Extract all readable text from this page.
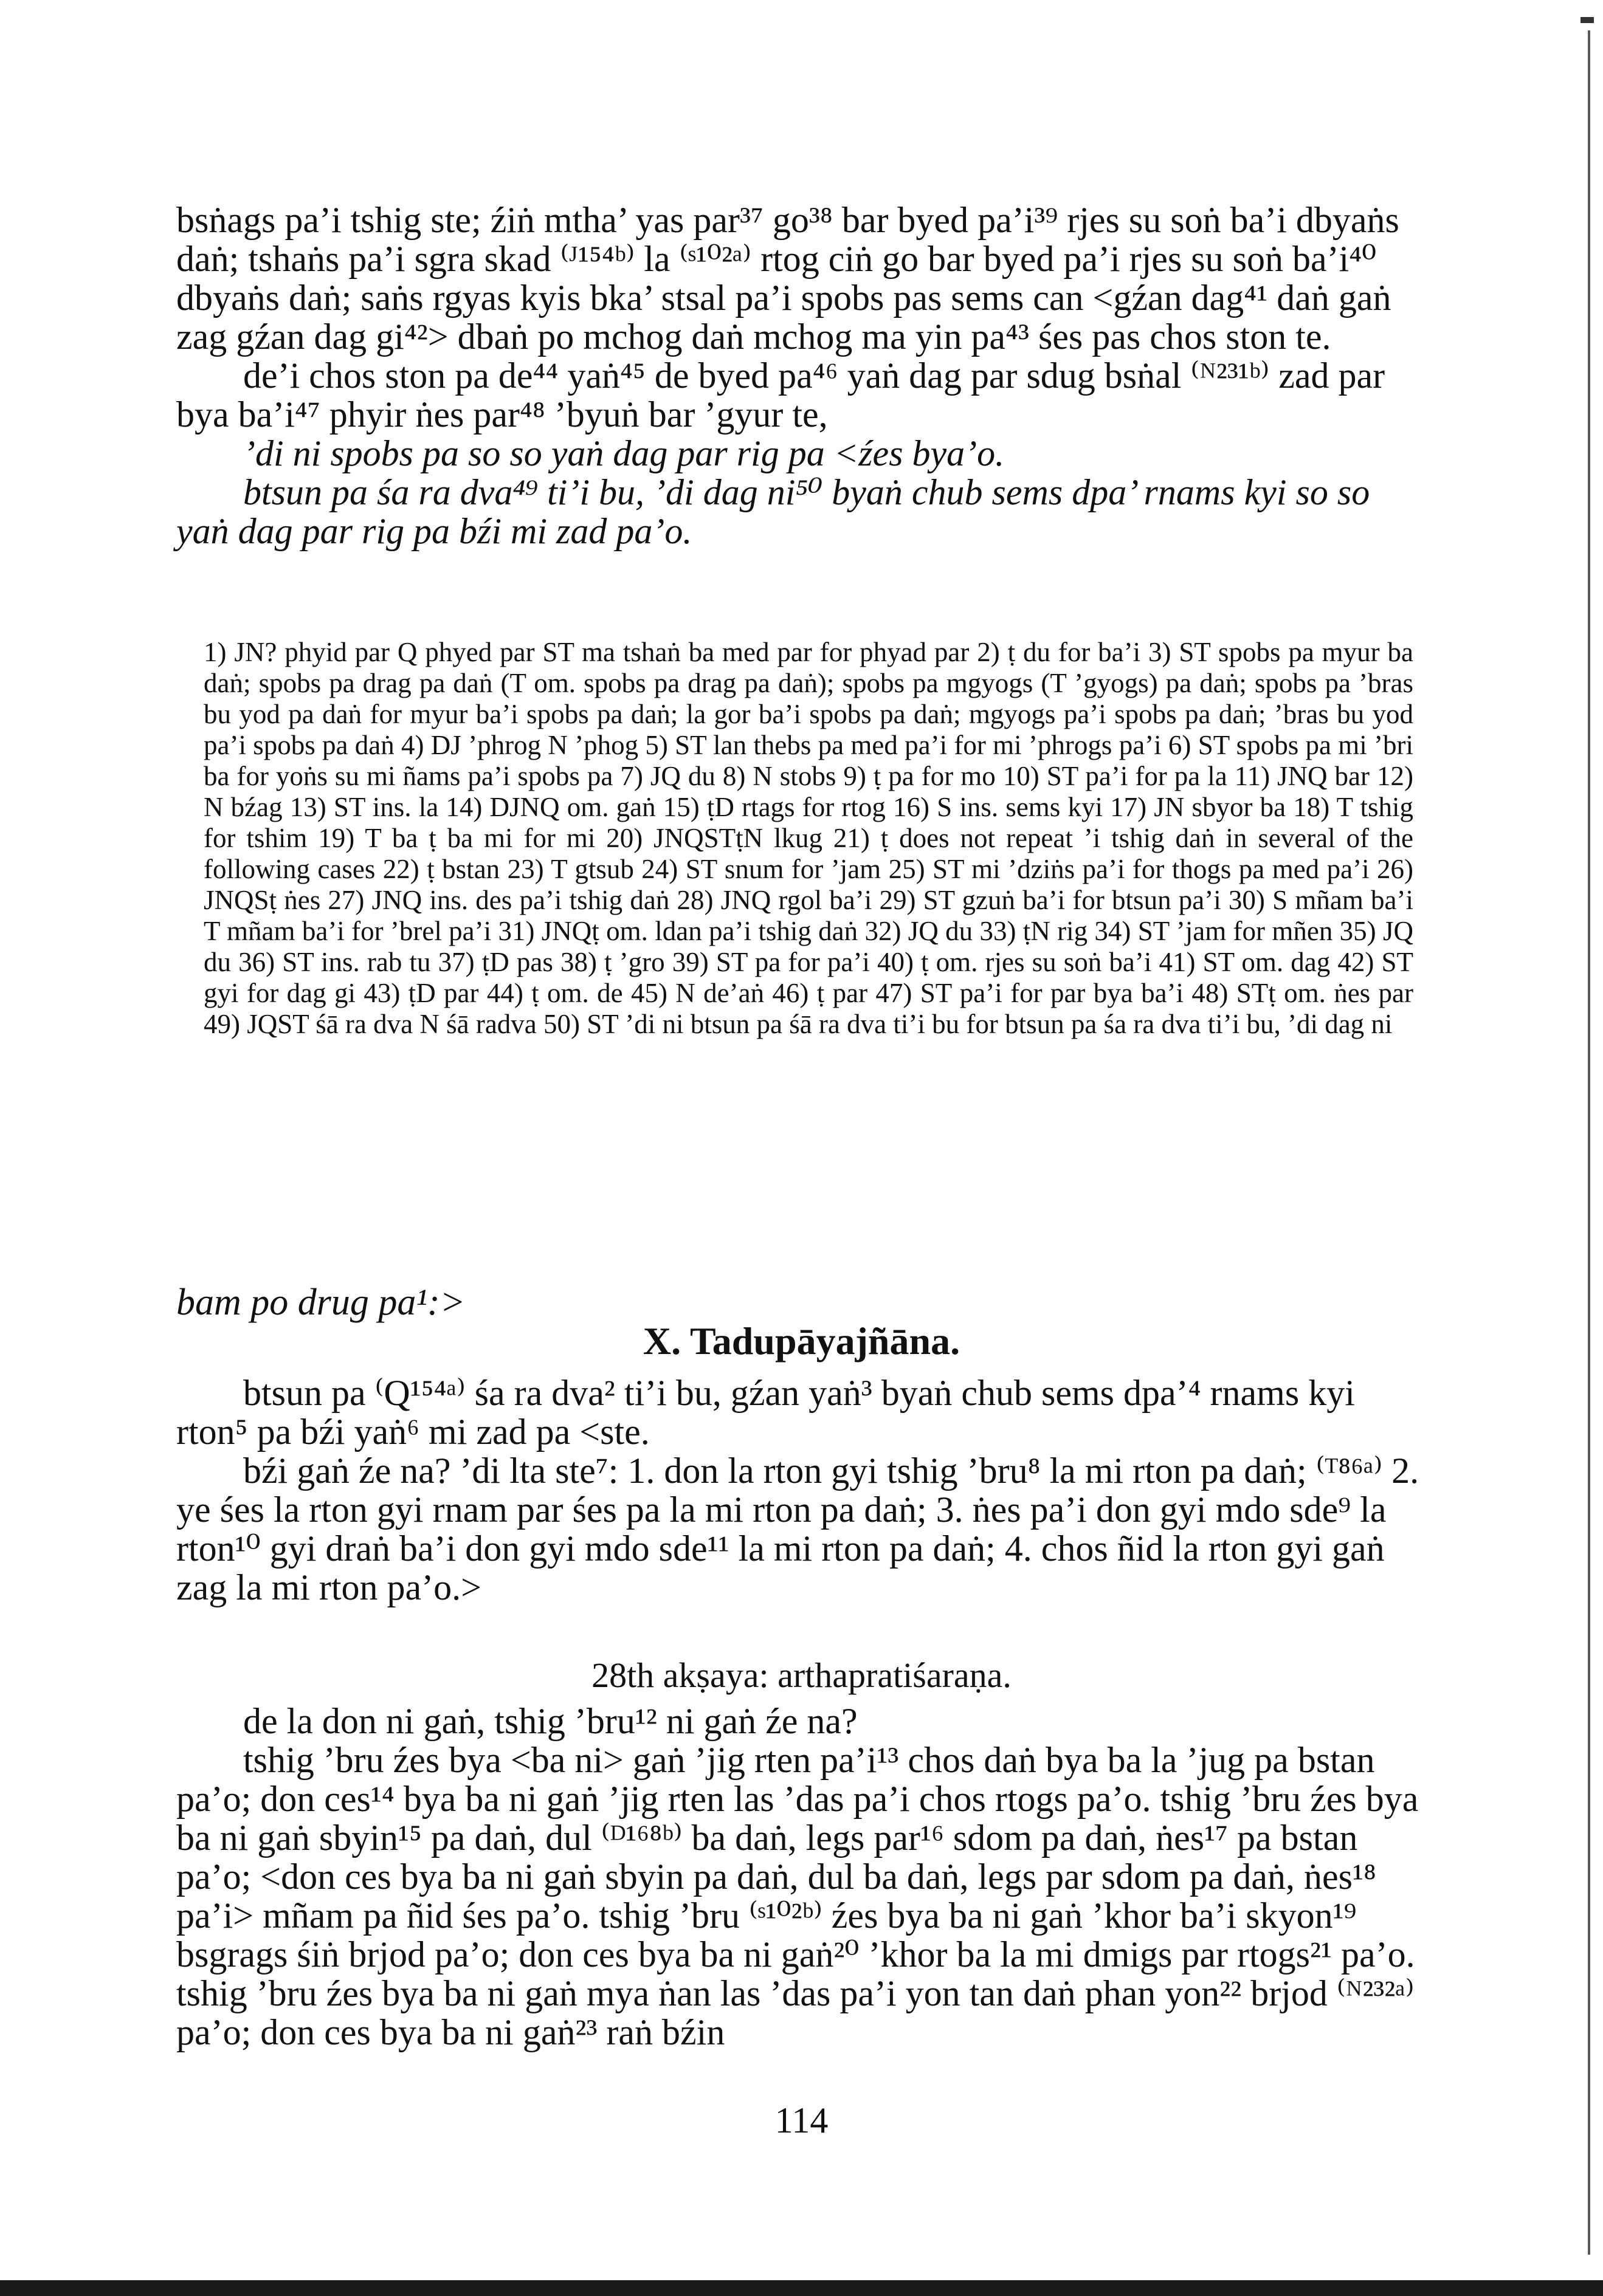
bsṅags pa’i tshig ste; źiṅ mtha’ yas par³⁷ go³⁸ bar byed pa’i³⁹ rjes su soṅ ba’i dbyaṅs daṅ; tshaṅs pa’i sgra skad ⁽ᴶ¹⁵⁴ᵇ⁾ la ⁽ˢ¹⁰²ᵃ⁾ rtog ciṅ go bar byed pa’i rjes su soṅ ba’i⁴⁰ dbyaṅs daṅ; saṅs rgyas kyis bka’ stsal pa’i spobs pas sems can <gźan dag⁴¹ daṅ gaṅ zag gźan dag gi⁴²> dbaṅ po mchog daṅ mchog ma yin pa⁴³ śes pas chos ston te.

de’i chos ston pa de⁴⁴ yaṅ⁴⁵ de byed pa⁴⁶ yaṅ dag par sdug bsṅal ⁽ᴺ²³¹ᵇ⁾ zad par bya ba’i⁴⁷ phyir ṅes par⁴⁸ ’byuṅ bar ’gyur te,

’di ni spobs pa so so yaṅ dag par rig pa <źes bya’o.

btsun pa śa ra dva⁴⁹ ti’i bu, ’di dag ni⁵⁰ byaṅ chub sems dpa’ rnams kyi so so yaṅ dag par rig pa bźi mi zad pa’o.

1) JN? phyid par Q phyed par ST ma tshaṅ ba med par for phyad par 2) ṭ du for ba’i 3) ST spobs pa myur ba daṅ; spobs pa drag pa daṅ (T om. spobs pa drag pa daṅ); spobs pa mgyogs (T ’gyogs) pa daṅ; spobs pa ’bras bu yod pa daṅ for myur ba’i spobs pa daṅ; la gor ba’i spobs pa daṅ; mgyogs pa’i spobs pa daṅ; ’bras bu yod pa’i spobs pa daṅ 4) DJ ’phrog N ’phog 5) ST lan thebs pa med pa’i for mi ’phrogs pa’i 6) ST spobs pa mi ’bri ba for yoṅs su mi ñams pa’i spobs pa 7) JQ du 8) N stobs 9) ṭ pa for mo 10) ST pa’i for pa la 11) JNQ bar 12) N bźag 13) ST ins. la 14) DJNQ om. gaṅ 15) ṭD rtags for rtog 16) S ins. sems kyi 17) JN sbyor ba 18) T tshig for tshim 19) T ba ṭ ba mi for mi 20) JNQSTṭN lkug 21) ṭ does not repeat ’i tshig daṅ in several of the following cases 22) ṭ bstan 23) T gtsub 24) ST snum for ’jam 25) ST mi ’dziṅs pa’i for thogs pa med pa’i 26) JNQSṭ ṅes 27) JNQ ins. des pa’i tshig daṅ 28) JNQ rgol ba’i 29) ST gzuṅ ba’i for btsun pa’i 30) S mñam ba’i T mñam ba’i for ’brel pa’i 31) JNQṭ om. ldan pa’i tshig daṅ 32) JQ du 33) ṭN rig 34) ST ’jam for mñen 35) JQ du 36) ST ins. rab tu 37) ṭD pas 38) ṭ ’gro 39) ST pa for pa’i 40) ṭ om. rjes su soṅ ba’i 41) ST om. dag 42) ST gyi for dag gi 43) ṭD par 44) ṭ om. de 45) N de’aṅ 46) ṭ par 47) ST pa’i for par bya ba’i 48) STṭ om. ṅes par 49) JQST śā ra dva N śā radva 50) ST ’di ni btsun pa śā ra dva ti’i bu for btsun pa śa ra dva ti’i bu, ’di dag ni
bam po drug pa¹:>
X. Tadupāyajñāna.

btsun pa ⁽Q¹⁵⁴ᵃ⁾ śa ra dva² ti’i bu, gźan yaṅ³ byaṅ chub sems dpa’⁴ rnams kyi rton⁵ pa bźi yaṅ⁶ mi zad pa <ste.

bźi gaṅ źe na? ’di lta ste⁷: 1. don la rton gyi tshig ’bru⁸ la mi rton pa daṅ; ⁽ᵀ⁸⁶ᵃ⁾ 2. ye śes la rton gyi rnam par śes pa la mi rton pa daṅ; 3. ṅes pa’i don gyi mdo sde⁹ la rton¹⁰ gyi draṅ ba’i don gyi mdo sde¹¹ la mi rton pa daṅ; 4. chos ñid la rton gyi gaṅ zag la mi rton pa’o.>

28th akṣaya: arthapratiśaraṇa.

de la don ni gaṅ, tshig ’bru¹² ni gaṅ źe na?

tshig ’bru źes bya <ba ni> gaṅ ’jig rten pa’i¹³ chos daṅ bya ba la ’jug pa bstan pa’o; don ces¹⁴ bya ba ni gaṅ ’jig rten las ’das pa’i chos rtogs pa’o. tshig ’bru źes bya ba ni gaṅ sbyin¹⁵ pa daṅ, dul ⁽ᴰ¹⁶⁸ᵇ⁾ ba daṅ, legs par¹⁶ sdom pa daṅ, ṅes¹⁷ pa bstan pa’o; <don ces bya ba ni gaṅ sbyin pa daṅ, dul ba daṅ, legs par sdom pa daṅ, ṅes¹⁸ pa’i> mñam pa ñid śes pa’o. tshig ’bru ⁽ˢ¹⁰²ᵇ⁾ źes bya ba ni gaṅ ’khor ba’i skyon¹⁹ bsgrags śiṅ brjod pa’o; don ces bya ba ni gaṅ²⁰ ’khor ba la mi dmigs par rtogs²¹ pa’o. tshig ’bru źes bya ba ni gaṅ mya ṅan las ’das pa’i yon tan daṅ phan yon²² brjod ⁽ᴺ²³²ᵃ⁾ pa’o; don ces bya ba ni gaṅ²³ raṅ bźin

114
